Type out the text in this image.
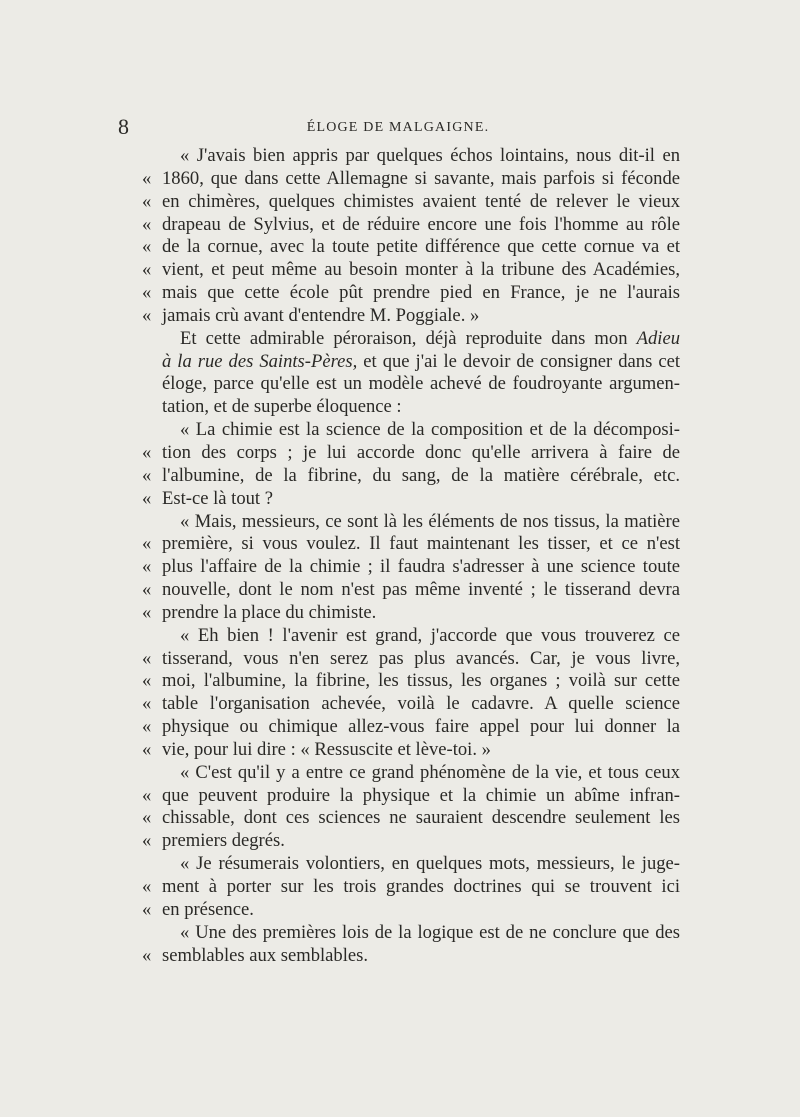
8	ÉLOGE DE MALGAIGNE.
« J'avais bien appris par quelques échos lointains, nous dit-il en
« 1860, que dans cette Allemagne si savante, mais parfois si féconde
« en chimères, quelques chimistes avaient tenté de relever le vieux
« drapeau de Sylvius, et de réduire encore une fois l'homme au rôle
« de la cornue, avec la toute petite différence que cette cornue va et
« vient, et peut même au besoin monter à la tribune des Académies,
« mais que cette école pût prendre pied en France, je ne l'aurais
« jamais crù avant d'entendre M. Poggiale. »
Et cette admirable péroraison, déjà reproduite dans mon Adieu
à la rue des Saints-Pères, et que j'ai le devoir de consigner dans cet
éloge, parce qu'elle est un modèle achevé de foudroyante argumen-
tation, et de superbe éloquence :
« La chimie est la science de la composition et de la décomposi-
« tion des corps ; je lui accorde donc qu'elle arrivera à faire de
« l'albumine, de la fibrine, du sang, de la matière cérébrale, etc.
« Est-ce là tout ?
« Mais, messieurs, ce sont là les éléments de nos tissus, la matière
« première, si vous voulez. Il faut maintenant les tisser, et ce n'est
« plus l'affaire de la chimie ; il faudra s'adresser à une science toute
« nouvelle, dont le nom n'est pas même inventé ; le tisserand devra
« prendre la place du chimiste.
« Eh bien ! l'avenir est grand, j'accorde que vous trouverez ce
« tisserand, vous n'en serez pas plus avancés. Car, je vous livre,
« moi, l'albumine, la fibrine, les tissus, les organes ; voilà sur cette
« table l'organisation achevée, voilà le cadavre. A quelle science
« physique ou chimique allez-vous faire appel pour lui donner la
« vie, pour lui dire : « Ressuscite et lève-toi. »
« C'est qu'il y a entre ce grand phénomène de la vie, et tous ceux
« que peuvent produire la physique et la chimie un abîme infran-
« chissable, dont ces sciences ne sauraient descendre seulement les
« premiers degrés.
« Je résumerais volontiers, en quelques mots, messieurs, le juge-
« ment à porter sur les trois grandes doctrines qui se trouvent ici
« en présence.
« Une des premières lois de la logique est de ne conclure que des
« semblables aux semblables.
